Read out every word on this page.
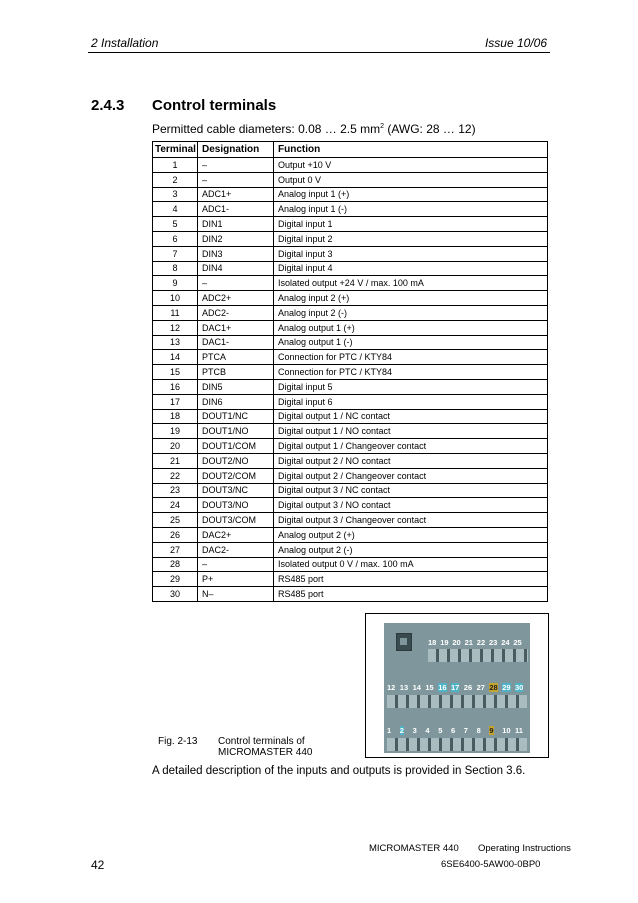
2 Installation	Issue 10/06
2.4.3 Control terminals
Permitted cable diameters: 0.08 … 2.5 $mm^2$ (AWG: 28 … 12)
Terminal	Designation	Function
1	–	Output +10 V
2	–	Output 0 V
3	ADC1+	Analog input 1 (+)
4	ADC1-	Analog input 1 (-)
5	DIN1	Digital input 1
6	DIN2	Digital input 2
7	DIN3	Digital input 3
8	DIN4	Digital input 4
9	–	Isolated output +24 V / max. 100 mA
10	ADC2+	Analog input 2 (+)
11	ADC2-	Analog input 2 (-)
12	DAC1+	Analog output 1 (+)
13	DAC1-	Analog output 1 (-)
14	PTCA	Connection for PTC / KTY84
15	PTCB	Connection for PTC / KTY84
16	DIN5	Digital input 5
17	DIN6	Digital input 6
18	DOUT1/NC	Digital output 1 / NC contact
19	DOUT1/NO	Digital output 1 / NO contact
20	DOUT1/COM	Digital output 1 / Changeover contact
21	DOUT2/NO	Digital output 2 / NO contact
22	DOUT2/COM	Digital output 2 / Changeover contact
23	DOUT3/NC	Digital output 3 / NC contact
24	DOUT3/NO	Digital output 3 / NO contact
25	DOUT3/COM	Digital output 3 / Changeover contact
26	DAC2+	Analog output 2 (+)
27	DAC2-	Analog output 2 (-)
28	–	Isolated output 0 V / max. 100 mA
29	P+	RS485 port
30	N–	RS485 port
18 19 20 21 22 23 24 25
12 13 14 15 16 17 26 27 28 29 30
1 2 3 4 5 6 7 8 9 10 11
Fig. 2-13 Control terminals of
MICROMASTER 440
A detailed description of the inputs and outputs is provided in Section 3.6.
42
MICROMASTER 440 Operating Instructions
6SE6400-5AW00-0BP0
